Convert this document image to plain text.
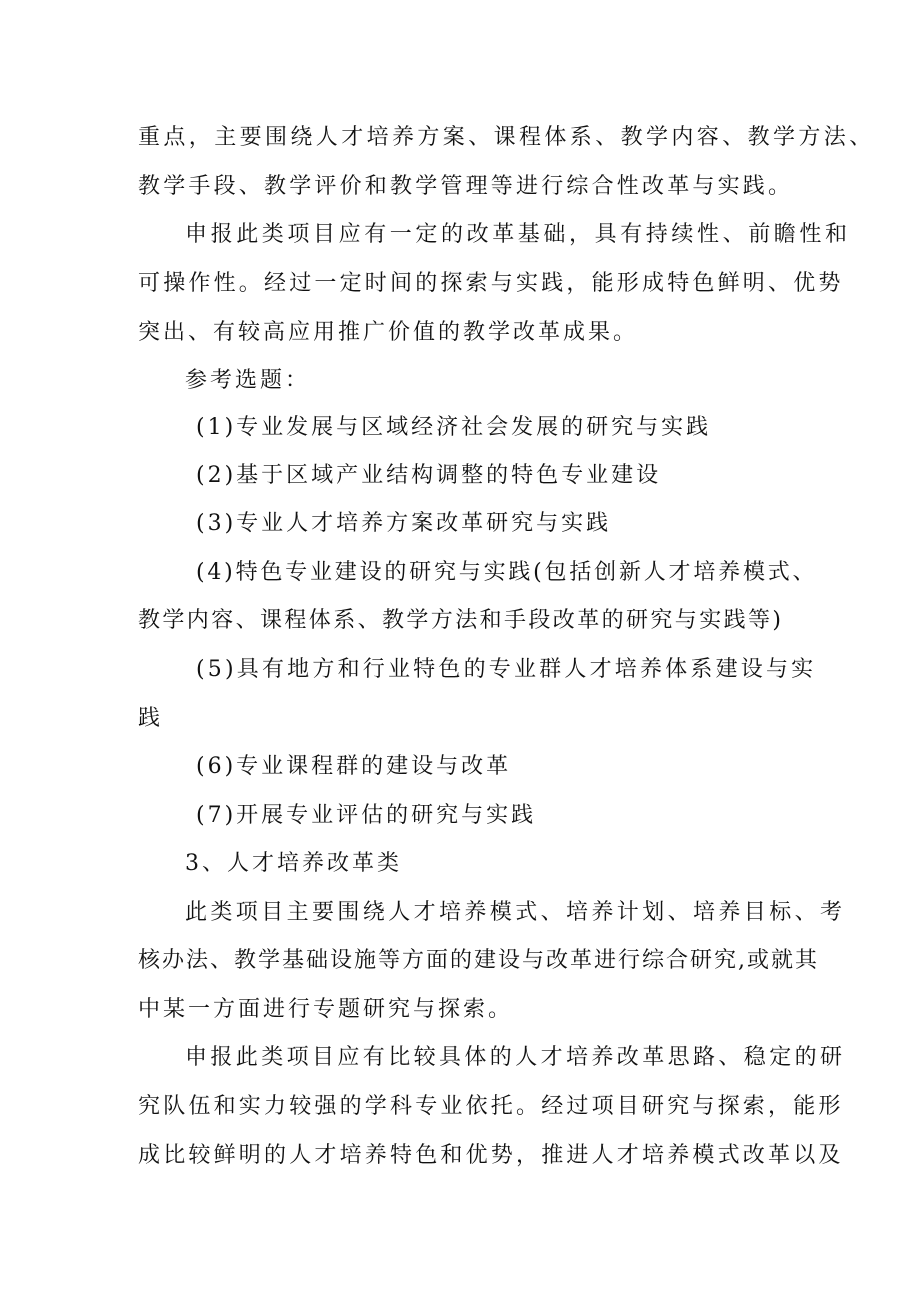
重点，主要围绕人才培养方案、课程体系、教学内容、教学方法、
教学手段、教学评价和教学管理等进行综合性改革与实践。
申报此类项目应有一定的改革基础，具有持续性、前瞻性和
可操作性。经过一定时间的探索与实践，能形成特色鲜明、优势
突出、有较高应用推广价值的教学改革成果。
参考选题：
(1)专业发展与区域经济社会发展的研究与实践
(2)基于区域产业结构调整的特色专业建设
(3)专业人才培养方案改革研究与实践
(4)特色专业建设的研究与实践(包括创新人才培养模式、
教学内容、课程体系、教学方法和手段改革的研究与实践等)
(5)具有地方和行业特色的专业群人才培养体系建设与实
践
(6)专业课程群的建设与改革
(7)开展专业评估的研究与实践
3、人才培养改革类
此类项目主要围绕人才培养模式、培养计划、培养目标、考
核办法、教学基础设施等方面的建设与改革进行综合研究,或就其
中某一方面进行专题研究与探索。
申报此类项目应有比较具体的人才培养改革思路、稳定的研
究队伍和实力较强的学科专业依托。经过项目研究与探索，能形
成比较鲜明的人才培养特色和优势，推进人才培养模式改革以及
